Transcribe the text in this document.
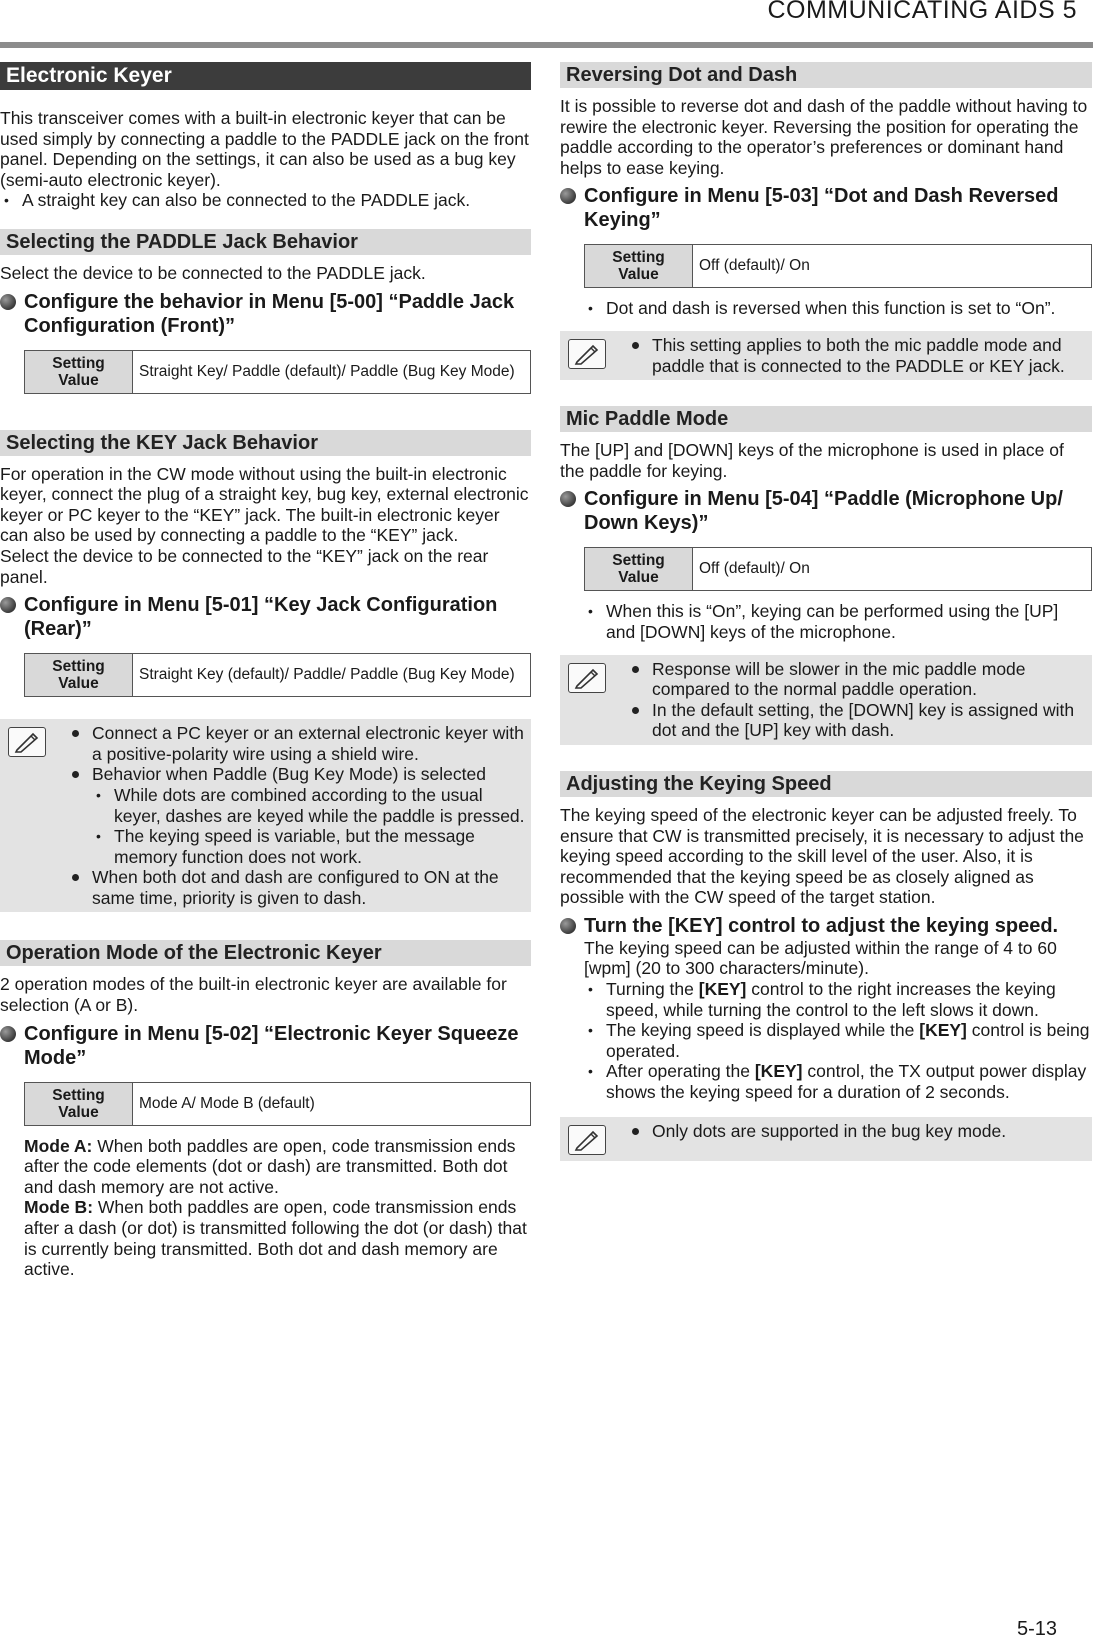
COMMUNICATING AIDS 5
Electronic Keyer

This transceiver comes with a built-in electronic keyer that can be used simply by connecting a paddle to the PADDLE jack on the front panel. Depending on the settings, it can also be used as a bug key (semi-auto electronic keyer).

• A straight key can also be connected to the PADDLE jack.
Selecting the PADDLE Jack Behavior

Select the device to be connected to the PADDLE jack.

Configure the behavior in Menu [5-00] “Paddle Jack Configuration (Front)”
Setting Value	Straight Key/ Paddle (default)/ Paddle (Bug Key Mode)
Selecting the KEY Jack Behavior

For operation in the CW mode without using the built-in electronic keyer, connect the plug of a straight key, bug key, external electronic keyer or PC keyer to the “KEY” jack. The built-in electronic keyer can also be used by connecting a paddle to the “KEY” jack.

Select the device to be connected to the “KEY” jack on the rear panel.

Configure in Menu [5-01] “Key Jack Configuration (Rear)”
Setting Value	Straight Key (default)/ Paddle/ Paddle (Bug Key Mode)
Connect a PC keyer or an external electronic keyer with a positive-polarity wire using a shield wire.
Behavior when Paddle (Bug Key Mode) is selected
• While dots are combined according to the usual keyer, dashes are keyed while the paddle is pressed.
• The keying speed is variable, but the message memory function does not work.
When both dot and dash are configured to ON at the same time, priority is given to dash.
Operation Mode of the Electronic Keyer

2 operation modes of the built-in electronic keyer are available for selection (A or B).

Configure in Menu [5-02] “Electronic Keyer Squeeze Mode”
Setting Value	Mode A/ Mode B (default)

Mode A: When both paddles are open, code transmission ends after the code elements (dot or dash) are transmitted. Both dot and dash memory are not active.

Mode B: When both paddles are open, code transmission ends after a dash (or dot) is transmitted following the dot (or dash) that is currently being transmitted. Both dot and dash memory are active.

Reversing Dot and Dash

It is possible to reverse dot and dash of the paddle without having to rewire the electronic keyer. Reversing the position for operating the paddle according to the operator’s preferences or dominant hand helps to ease keying.

Configure in Menu [5-03] “Dot and Dash Reversed Keying”
Setting Value	Off (default)/ On
• Dot and dash is reversed when this function is set to “On”.
This setting applies to both the mic paddle mode and paddle that is connected to the PADDLE or KEY jack.
Mic Paddle Mode

The [UP] and [DOWN] keys of the microphone is used in place of the paddle for keying.

Configure in Menu [5-04] “Paddle (Microphone Up/ Down Keys)”
Setting Value	Off (default)/ On
• When this is “On”, keying can be performed using the [UP] and [DOWN] keys of the microphone.
Response will be slower in the mic paddle mode compared to the normal paddle operation.
In the default setting, the [DOWN] key is assigned with dot and the [UP] key with dash.
Adjusting the Keying Speed

The keying speed of the electronic keyer can be adjusted freely. To ensure that CW is transmitted precisely, it is necessary to adjust the keying speed according to the skill level of the user. Also, it is recommended that the keying speed be as closely aligned as possible with the CW speed of the target station.

Turn the [KEY] control to adjust the keying speed.

The keying speed can be adjusted within the range of 4 to 60 [wpm] (20 to 300 characters/minute).

• Turning the [KEY] control to the right increases the keying speed, while turning the control to the left slows it down.
• The keying speed is displayed while the [KEY] control is being operated.
• After operating the [KEY] control, the TX output power display shows the keying speed for a duration of 2 seconds.
Only dots are supported in the bug key mode.
5-13
